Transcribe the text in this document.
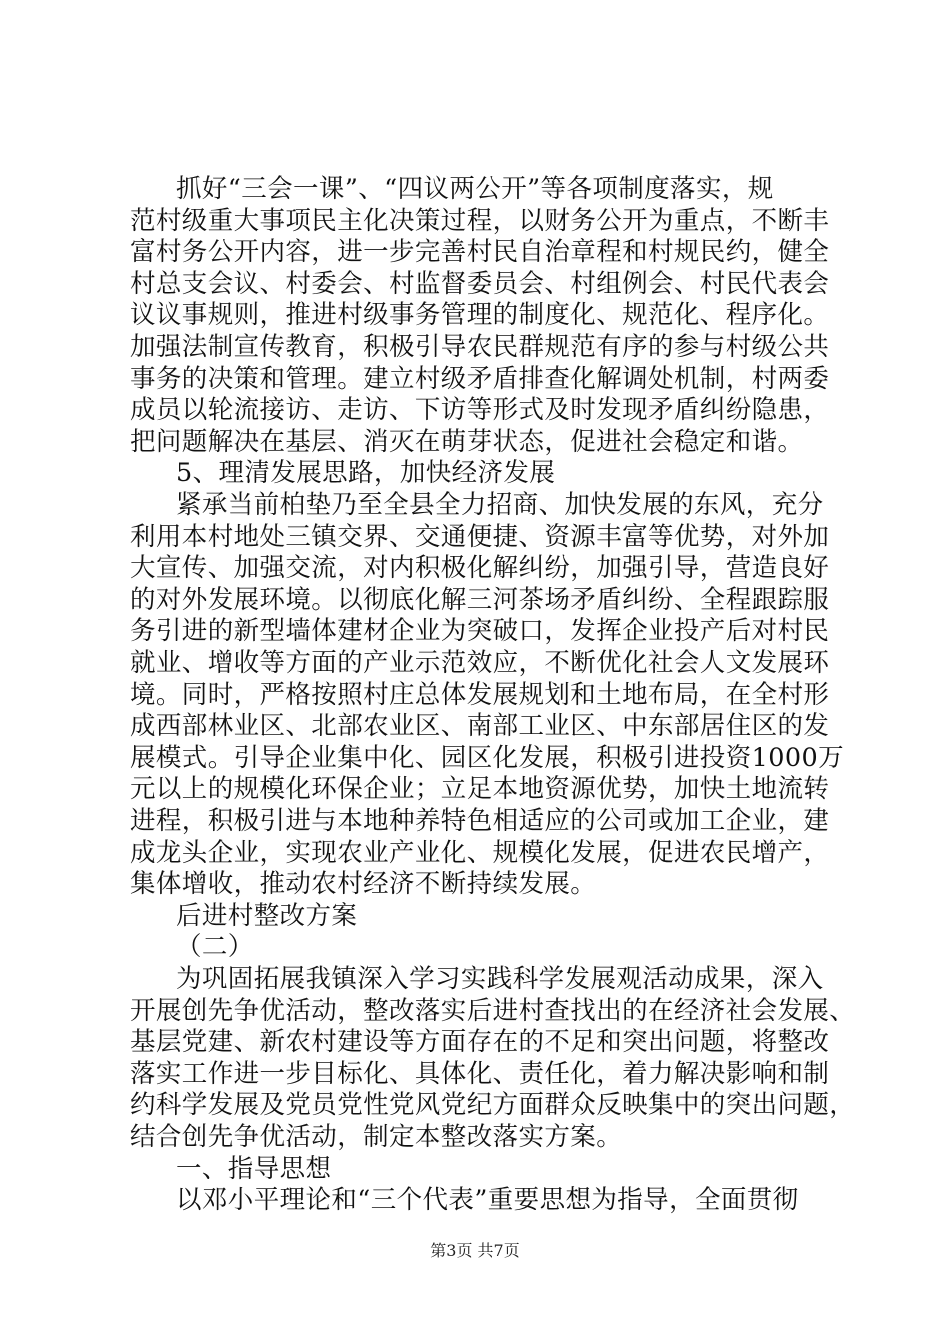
抓好“三会一课”、“四议两公开”等各项制度落实，规
范村级重大事项民主化决策过程，以财务公开为重点，不断丰
富村务公开内容，进一步完善村民自治章程和村规民约，健全
村总支会议、村委会、村监督委员会、村组例会、村民代表会
议议事规则，推进村级事务管理的制度化、规范化、程序化。
加强法制宣传教育，积极引导农民群规范有序的参与村级公共
事务的决策和管理。建立村级矛盾排查化解调处机制，村两委
成员以轮流接访、走访、下访等形式及时发现矛盾纠纷隐患，
把问题解决在基层、消灭在萌芽状态，促进社会稳定和谐。
5、理清发展思路，加快经济发展
紧承当前柏垫乃至全县全力招商、加快发展的东风，充分
利用本村地处三镇交界、交通便捷、资源丰富等优势，对外加
大宣传、加强交流，对内积极化解纠纷，加强引导，营造良好
的对外发展环境。以彻底化解三河茶场矛盾纠纷、全程跟踪服
务引进的新型墙体建材企业为突破口，发挥企业投产后对村民
就业、增收等方面的产业示范效应，不断优化社会人文发展环
境。同时，严格按照村庄总体发展规划和土地布局，在全村形
成西部林业区、北部农业区、南部工业区、中东部居住区的发
展模式。引导企业集中化、园区化发展，积极引进投资1000万
元以上的规模化环保企业；立足本地资源优势，加快土地流转
进程，积极引进与本地种养特色相适应的公司或加工企业，建
成龙头企业，实现农业产业化、规模化发展，促进农民增产，
集体增收，推动农村经济不断持续发展。
后进村整改方案
（二）
为巩固拓展我镇深入学习实践科学发展观活动成果，深入
开展创先争优活动，整改落实后进村查找出的在经济社会发展、
基层党建、新农村建设等方面存在的不足和突出问题，将整改
落实工作进一步目标化、具体化、责任化，着力解决影响和制
约科学发展及党员党性党风党纪方面群众反映集中的突出问题，
结合创先争优活动，制定本整改落实方案。
一、指导思想
以邓小平理论和“三个代表”重要思想为指导，全面贯彻
第3页 共7页
